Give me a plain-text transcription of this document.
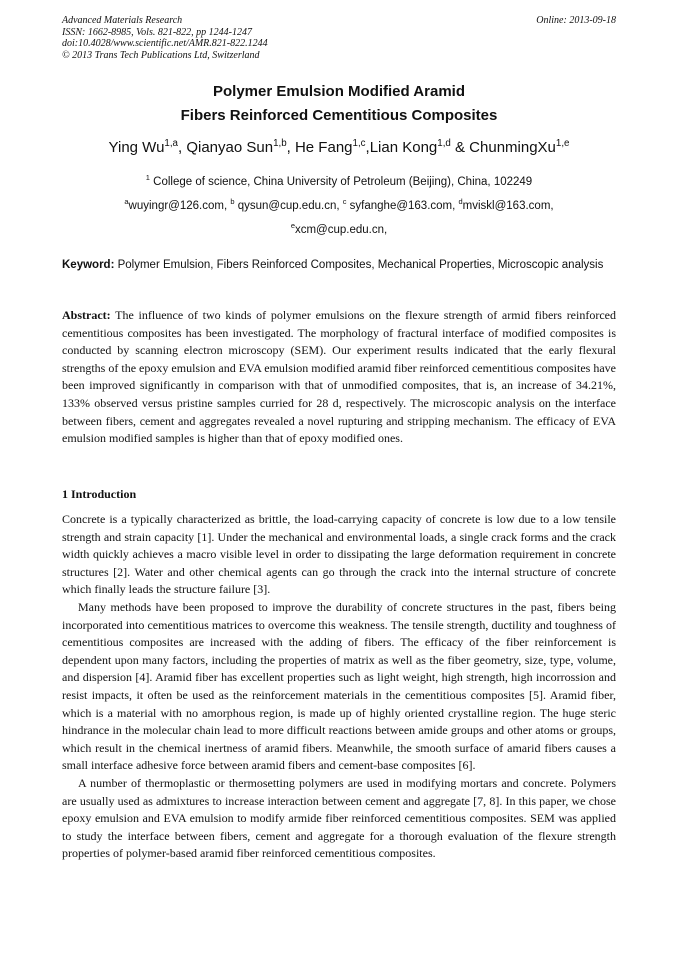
Advanced Materials Research
ISSN: 1662-8985, Vols. 821-822, pp 1244-1247
doi:10.4028/www.scientific.net/AMR.821-822.1244
© 2013 Trans Tech Publications Ltd, Switzerland
Online: 2013-09-18
Polymer Emulsion Modified Aramid
Fibers Reinforced Cementitious Composites
Ying Wu$^{1,a}$, Qianyao Sun$^{1,b}$, He Fang$^{1,c}$,Lian Kong$^{1,d}$ & ChunmingXu$^{1,e}$
$^1$ College of science, China University of Petroleum (Beijing), China, 102249
$^a$wuyingr@126.com, $^b$ qysun@cup.edu.cn, $^c$ syfanghe@163.com, $^d$mviskl@163.com,
$^e$xcm@cup.edu.cn,
Keyword: Polymer Emulsion, Fibers Reinforced Composites, Mechanical Properties, Microscopic analysis
Abstract: The influence of two kinds of polymer emulsions on the flexure strength of armid fibers reinforced cementitious composites has been investigated. The morphology of fractural interface of modified composites is conducted by scanning electron microscopy (SEM). Our experiment results indicated that the early flexural strengths of the epoxy emulsion and EVA emulsion modified aramid fiber reinforced cementitious composites have been improved significantly in comparison with that of unmodified composites, that is, an increase of 34.21%, 133% observed versus pristine samples curried for 28 d, respectively. The microscopic analysis on the interface between fibers, cement and aggregates revealed a novel rupturing and stripping mechanism. The efficacy of EVA emulsion modified samples is higher than that of epoxy modified ones.
1 Introduction

Concrete is a typically characterized as brittle, the load-carrying capacity of concrete is low due to a low tensile strength and strain capacity [1]. Under the mechanical and environmental loads, a single crack forms and the crack width quickly achieves a macro visible level in order to dissipating the large deformation requirement in concrete structures [2]. Water and other chemical agents can go through the crack into the internal structure of concrete which finally leads the structure failure [3].

Many methods have been proposed to improve the durability of concrete structures in the past, fibers being incorporated into cementitious matrices to overcome this weakness. The tensile strength, ductility and toughness of cementitious composites are increased with the adding of fibers. The efficacy of the fiber reinforcement is dependent upon many factors, including the properties of matrix as well as the fiber geometry, size, type, volume, and dispersion [4]. Aramid fiber has excellent properties such as light weight, high strength, high incorrossion and resist impacts, it often be used as the reinforcement materials in the cementitious composites [5]. Aramid fiber, which is a material with no amorphous region, is made up of highly oriented crystalline region. The huge steric hindrance in the molecular chain lead to more difficult reactions between amide groups and other atoms or groups, which result in the chemical inertness of aramid fibers. Meanwhile, the smooth surface of amarid fibers causes a small interface adhesive force between aramid fibers and cement-base composites [6].

A number of thermoplastic or thermosetting polymers are used in modifying mortars and concrete. Polymers are usually used as admixtures to increase interaction between cement and aggregate [7, 8]. In this paper, we chose epoxy emulsion and EVA emulsion to modify armide fiber reinforced cementitious composites. SEM was applied to study the interface between fibers, cement and aggregate for a thorough evaluation of the flexure strength properties of polymer-based aramid fiber reinforced cementitious composites.
